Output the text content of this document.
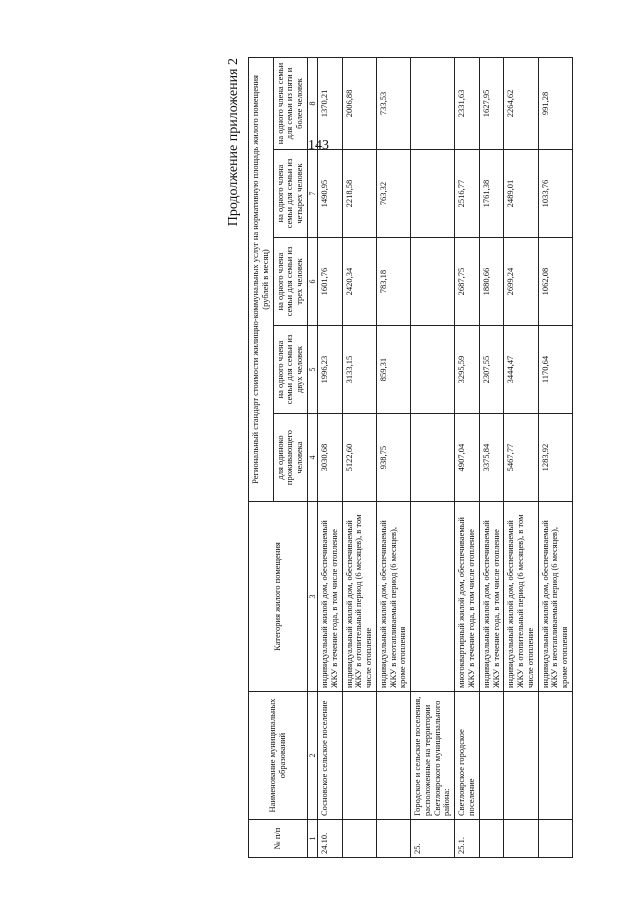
143
Продолжение приложения 2
№ п/п	Наименование муниципальных образований	Категория жилого помещения	Региональный стандарт стоимости жилищно-коммунальных услуг на нормативную площадь жилого помещения (рублей в месяц)				
			для одиноко проживающего человека	на одного члена семьи для семьи из двух человек	на одного члена семьи для семьи из трех человек	на одного члена семьи для семьи из четырех человек	на одного члена семьи для семьи из пяти и более человек
1	2	3	4	5	6	7	8
24.10.	Сосновское сельское поселение	индивидуальный жилой дом, обеспечиваемый ЖКУ в течение года, в том числе отопление	3030,68	1996,23	1601,76	1490,95	1370,21
		индивидуальный жилой дом, обеспечиваемый ЖКУ в отопительный период (6 месяцев), в том числе отопление	5122,60	3133,15	2420,34	2218,58	2006,88
		индивидуальный жилой дом, обеспечиваемый ЖКУ в неотапливаемый период (6 месяцев), кроме отопления	938,75	859,31	783,18	763,32	733,53
25.	Городское и сельские поселения, расположенные на территории Светлоярского муниципального района:						
25.1.	Светлоярское городское поселение	многоквартирный жилой дом, обеспечиваемый ЖКУ в течение года, в том числе отопление	4907,04	3295,59	2687,75	2516,77	2331,63
		индивидуальный жилой дом, обеспечиваемый ЖКУ в течение года, в том числе отопление	3375,84	2307,55	1880,66	1761,38	1627,95
		индивидуальный жилой дом, обеспечиваемый ЖКУ в отопительный период (6 месяцев), в том числе отопление	5467,77	3444,47	2699,24	2489,01	2264,62
		индивидуальный жилой дом, обеспечиваемый ЖКУ в неотапливаемый период (6 месяцев), кроме отопления	1283,92	1170,64	1062,08	1033,76	991,28
